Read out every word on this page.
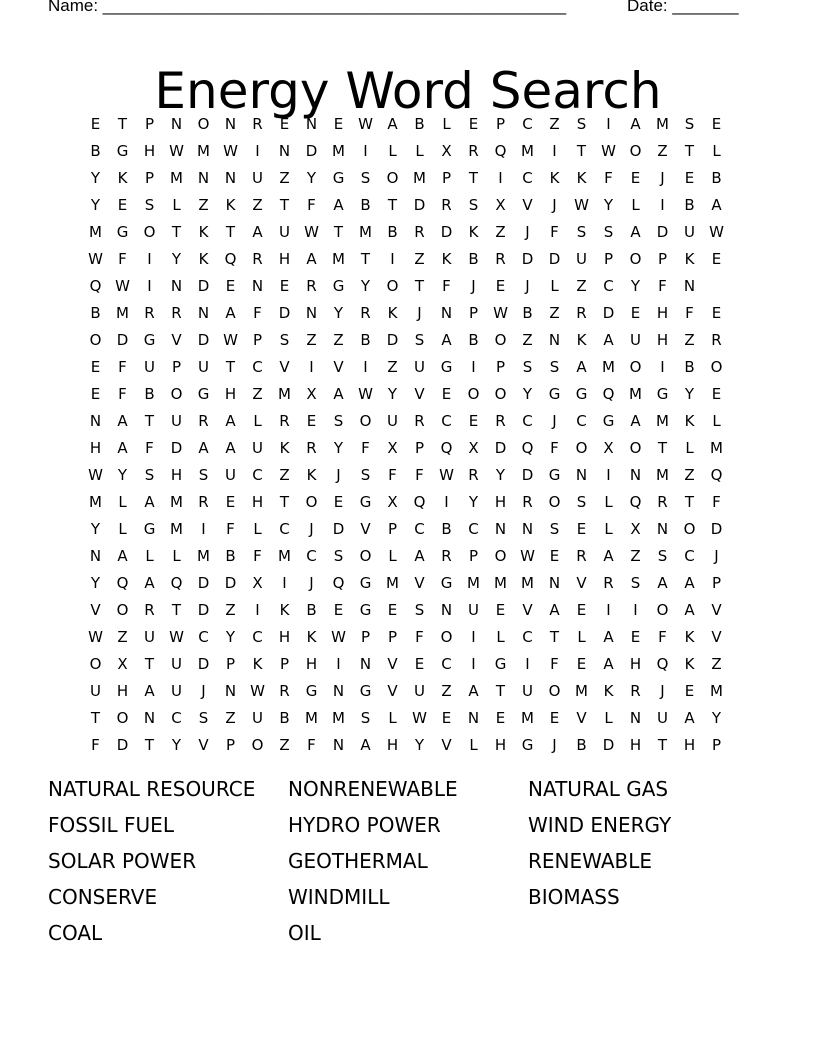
Name: _________________________________________________	Date: _______
Energy Word Search
E	T	P	N	O	N	R	E	N	E W A	B	L	E	P	C	Z	S	I	A	M	S	E
B	G	H W M W	I	N	D M	I	L	L	X	R	Q M	I	T	W O	Z	T	L
Y	K	P	M N	N	U	Z	Y	G	S	O M	P	T	I	C	K	K	F	E	J	E	B
Y	E	S	L	Z	K	Z	T	F	A	B	T	D	R	S	X	V	J	W Y	L	I	B	A
M G	O	T	K	T	A	U W T	M	B	R	D	K	Z	J	F	S	S	A	D	U W
W	F	I	Y	K	Q	R	H	A	M	T	I	Z	K	B	R	D	D	U	P	O	P	K	E
Q W	I	N	D	E	N	E	R	G	Y	O	T	F	J	E	J	L	Z	C	Y	F	N
B	M	R	R	N	A	F	D	N	Y	R	K	J	N	P	W B	Z	R	D	E	H	F	E
O	D	G	V	D W	P	S	Z	Z	B	D	S	A	B	O	Z	N	K	A	U	H	Z	R
E	F	U	P	U	T	C	V	I	V	I	Z	U	G	I	P	S	S	A	M O	I	B	O
E	F	B	O	G	H	Z	M	X	A W Y	V	E	O	O	Y	G	G	Q M G	Y	E
N	A	T	U	R	A	L	R	E	S	O	U	R	C	E	R	C	J	C	G	A	M	K	L
H	A	F	D	A	A	U	K	R	Y	F	X	P	Q	X	D	Q	F	O	X	O	T	L	M
W Y	S	H	S	U	C	Z	K	J	S	F	F	W R	Y	D	G	N	I	N M	Z	Q
M	L	A	M	R	E	H	T	O	E	G	X	Q	I	Y	H	R	O	S	L	Q	R	T	F
Y	L	G M	I	F	L	C	J	D	V	P	C	B	C	N	N	S	E	L	X	N	O	D
N	A	L	L	M	B	F	M	C	S	O	L	A	R	P	O W E	R	A	Z	S	C	J
Y	Q	A	Q	D	D	X	I	J	Q	G M	V	G M M M N	V	R	S	A	A	P
V	O	R	T	D	Z	I	K	B	E	G	E	S	N	U	E	V	A	E	I	I	O	A	V
W Z	U W C	Y	C	H	K W	P	P	F	O	I	L	C	T	L	A	E	F	K	V
O	X	T	U	D	P	K	P	H	I	N	V	E	C	I	G	I	F	E	A	H	Q	K	Z
U	H	A	U	J	N W R	G	N	G	V	U	Z	A	T	U	O M	K	R	J	E	M
T	O	N	C	S	Z	U	B	M M	S	L	W E	N	E	M	E	V	L	N	U	A	Y
F	D	T	Y	V	P	O	Z	F	N	A	H	Y	V	L	H	G	J	B	D	H	T	H	P
NATURAL RESOURCE	NONRENEWABLE	NATURAL GAS
FOSSIL FUEL	HYDRO POWER	WIND ENERGY
SOLAR POWER	GEOTHERMAL	RENEWABLE
CONSERVE	WINDMILL	BIOMASS
COAL	OIL
